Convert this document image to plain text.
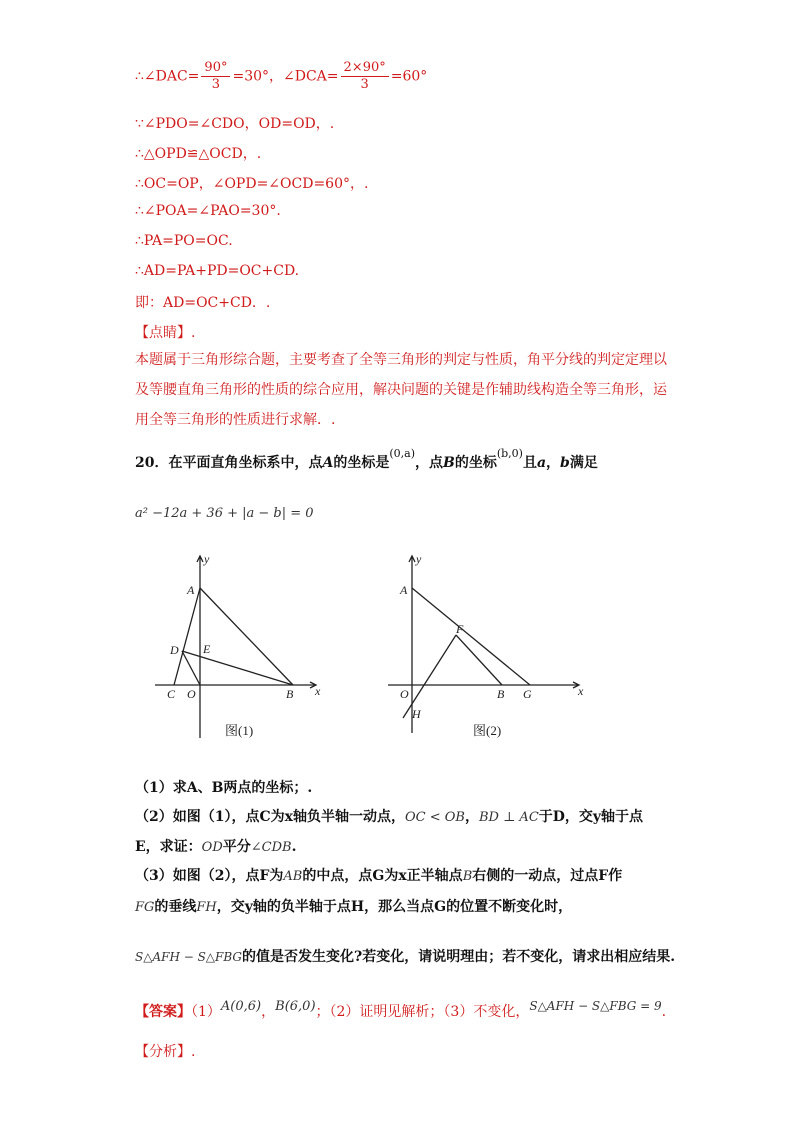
∴∠DAC= $\frac{90^\circ}{3} =30^\circ$，∠DCA= $\frac{2\times 90^\circ}{3} =60^\circ$
∵∠PDO=∠CDO，OD=OD，.
∴△OPD≌△OCD，.
∴OC=OP，∠OPD=∠OCD=60°，.
∴∠POA=∠PAO=30°.
∴PA=PO=OC.
∴AD=PA+PD=OC+CD.
即：AD=OC+CD．.
【点睛】.
本题属于三角形综合题，主要考查了全等三角形的判定与性质，角平分线的判定定理以及等腰直角三角形的性质的综合应用，解决问题的关键是作辅助线构造全等三角形，运用全等三角形的性质进行求解．.
20．在平面直角坐标系中，点A的坐标是$^{(0,a)}$，点B的坐标$^{(b,0)}$且a，b满足
a² −12a + 36 + |a − b| = 0
y
x
A
D E
C O	B
图(1)
y
x
A
F
O	B G
H
图(2)
（1）求A、B两点的坐标；.
（2）如图（1），点C为x轴负半轴一动点，OC < OB，BD ⊥ AC于D，交y轴于点
E，求证：OD平分∠CDB.
（3）如图（2），点F为AB的中点，点G为x正半轴点B右侧的一动点，过点F作
FG的垂线FH，交y轴的负半轴于点H，那么当点G的位置不断变化时，
S△AFH − S△FBG的值是否发生变化?若变化，请说明理由；若不变化，请求出相应结果.
【答案】（1）A(0,6)，B(6,0)；（2）证明见解析；（3）不变化，S△AFH − S△FBG = 9.
【分析】.
